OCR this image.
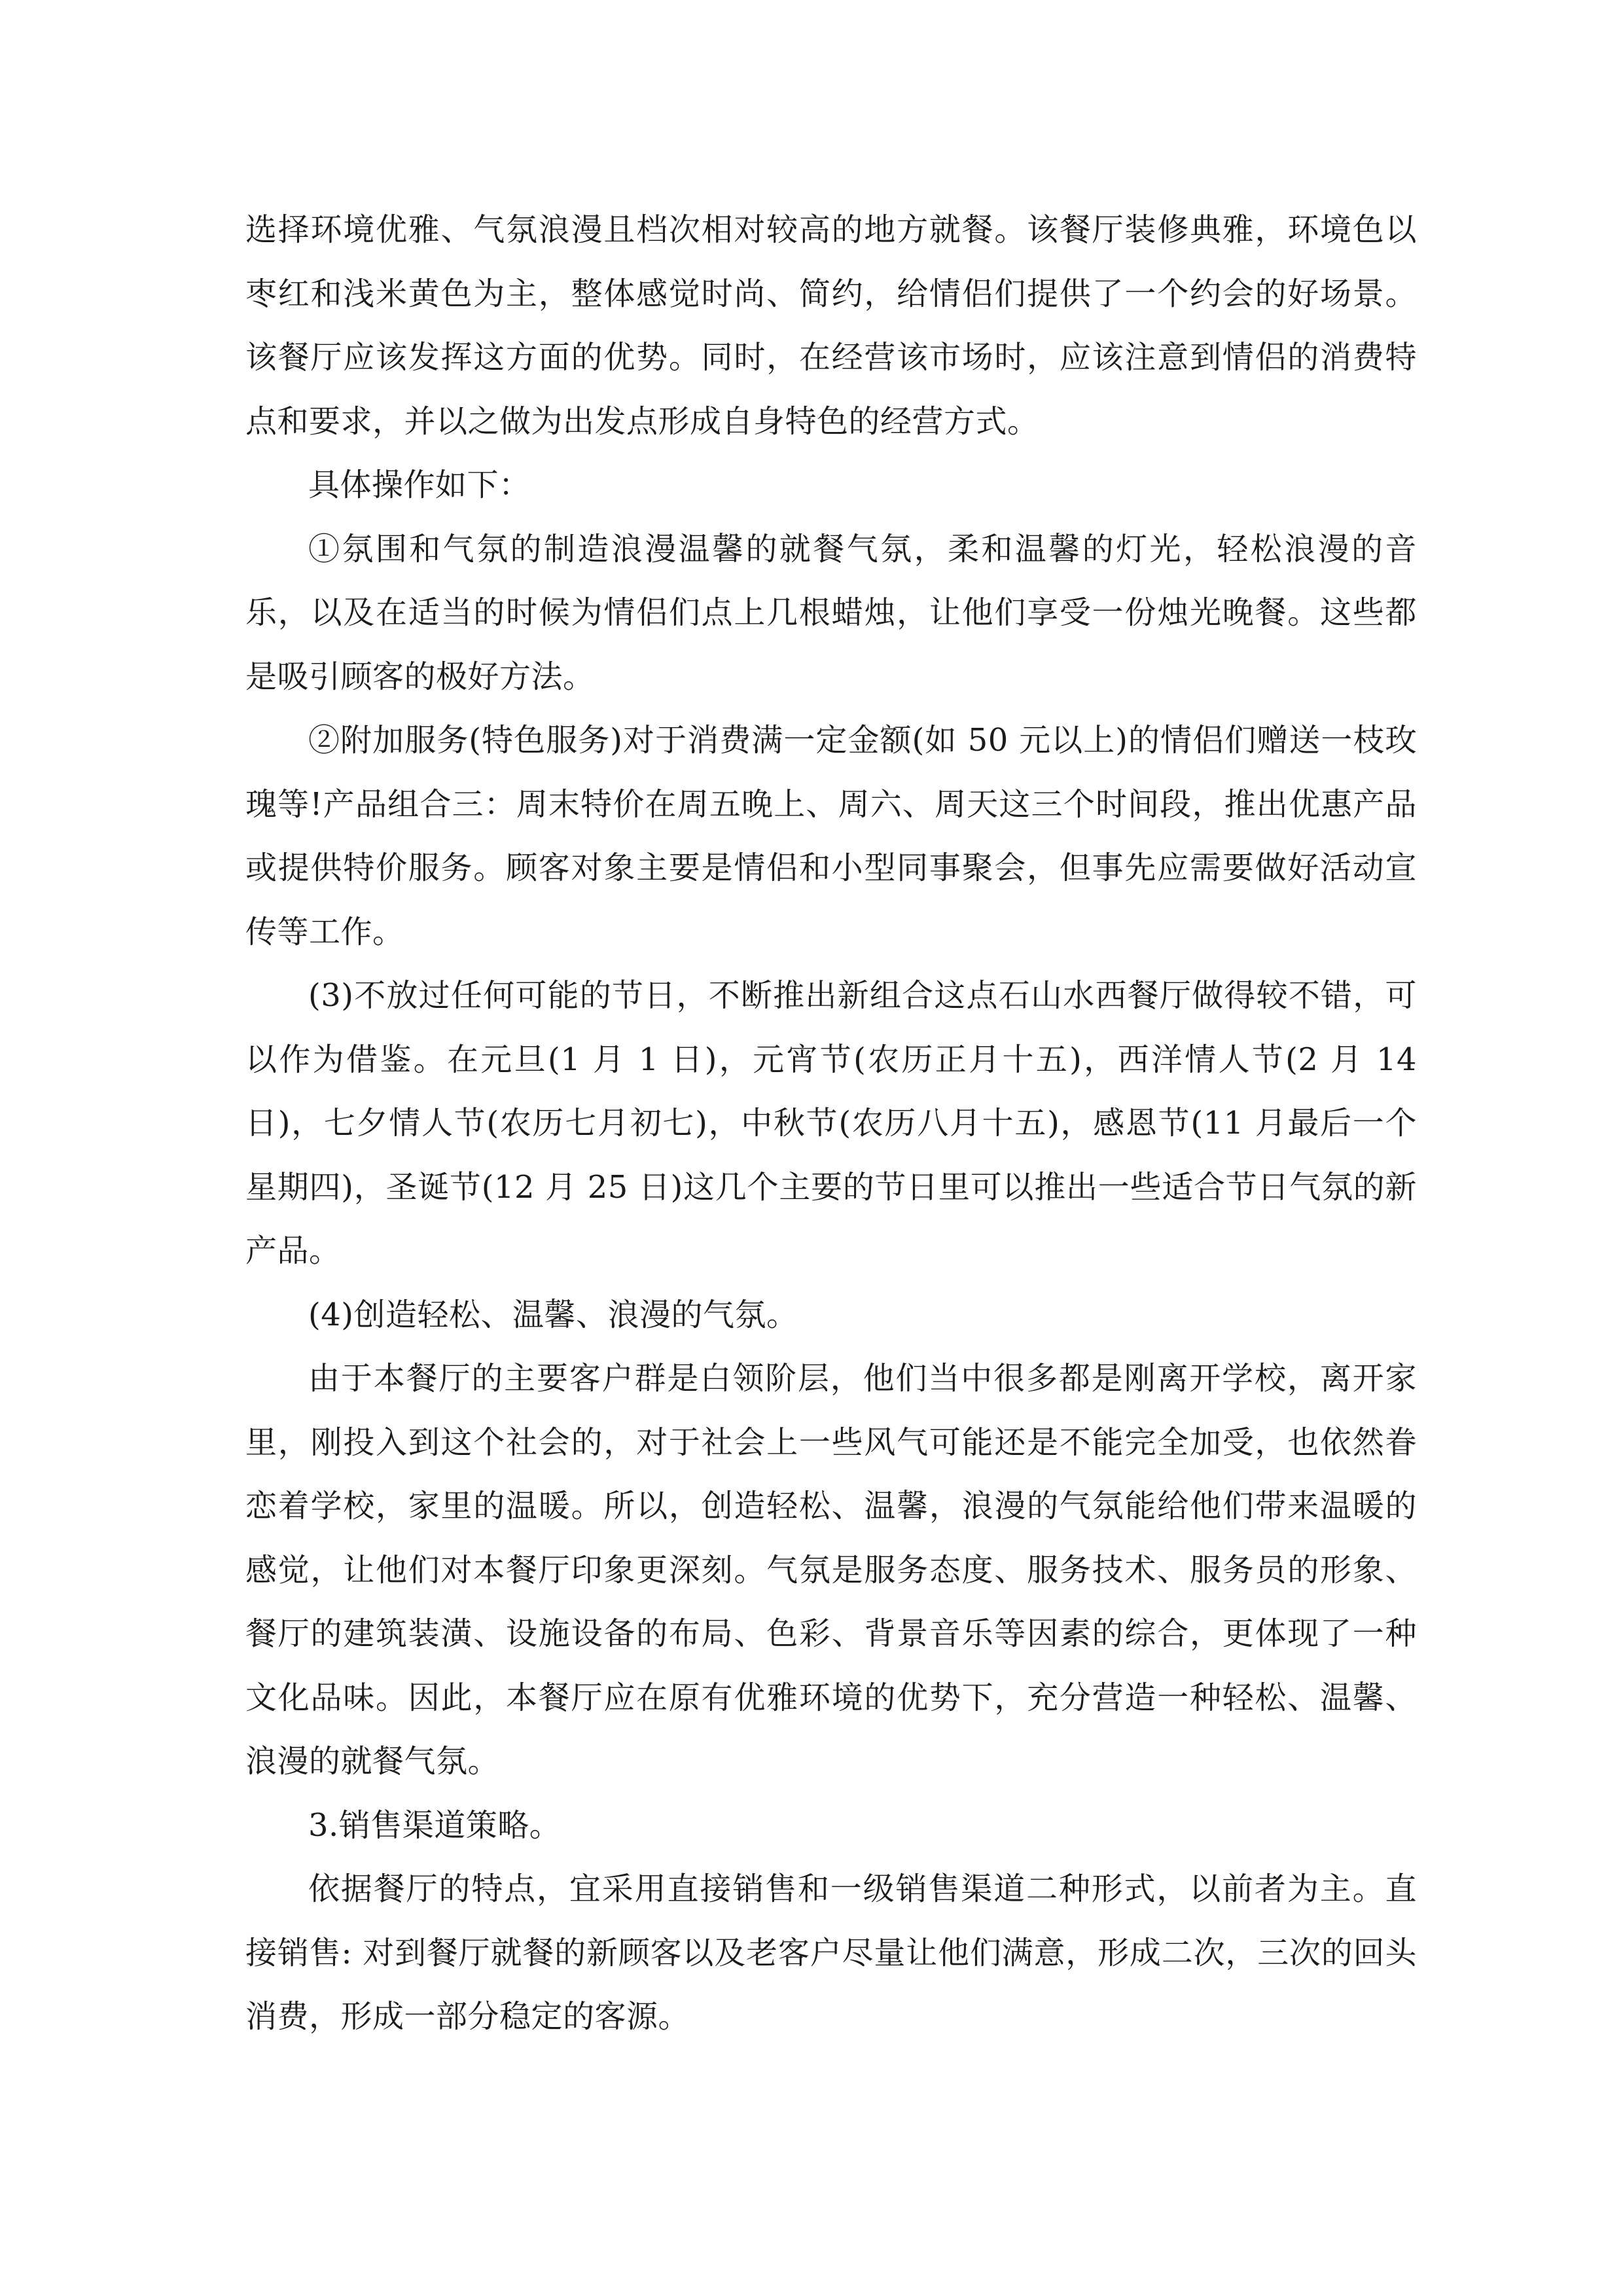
选择环境优雅、气氛浪漫且档次相对较高的地方就餐。该餐厅装修典雅，环境色以枣红和浅米黄色为主，整体感觉时尚、简约，给情侣们提供了一个约会的好场景。该餐厅应该发挥这方面的优势。同时，在经营该市场时，应该注意到情侣的消费特点和要求，并以之做为出发点形成自身特色的经营方式。

具体操作如下：

①氛围和气氛的制造浪漫温馨的就餐气氛，柔和温馨的灯光，轻松浪漫的音乐，以及在适当的时候为情侣们点上几根蜡烛，让他们享受一份烛光晚餐。这些都是吸引顾客的极好方法。

②附加服务(特色服务)对于消费满一定金额(如 50 元以上)的情侣们赠送一枝玫瑰等!产品组合三：周末特价在周五晚上、周六、周天这三个时间段，推出优惠产品或提供特价服务。顾客对象主要是情侣和小型同事聚会，但事先应需要做好活动宣传等工作。

(3)不放过任何可能的节日，不断推出新组合这点石山水西餐厅做得较不错，可以作为借鉴。在元旦(1 月 1 日)，元宵节(农历正月十五)，西洋情人节(2 月 14 日)，七夕情人节(农历七月初七)，中秋节(农历八月十五)，感恩节(11 月最后一个星期四)，圣诞节(12 月 25 日)这几个主要的节日里可以推出一些适合节日气氛的新产品。

(4)创造轻松、温馨、浪漫的气氛。

由于本餐厅的主要客户群是白领阶层，他们当中很多都是刚离开学校，离开家里，刚投入到这个社会的，对于社会上一些风气可能还是不能完全加受，也依然眷恋着学校，家里的温暖。所以，创造轻松、温馨，浪漫的气氛能给他们带来温暖的感觉，让他们对本餐厅印象更深刻。气氛是服务态度、服务技术、服务员的形象、餐厅的建筑装潢、设施设备的布局、色彩、背景音乐等因素的综合，更体现了一种文化品味。因此，本餐厅应在原有优雅环境的优势下，充分营造一种轻松、温馨、浪漫的就餐气氛。

3.销售渠道策略。

依据餐厅的特点，宜采用直接销售和一级销售渠道二种形式，以前者为主。直接销售: 对到餐厅就餐的新顾客以及老客户尽量让他们满意，形成二次，三次的回头消费，形成一部分稳定的客源。
